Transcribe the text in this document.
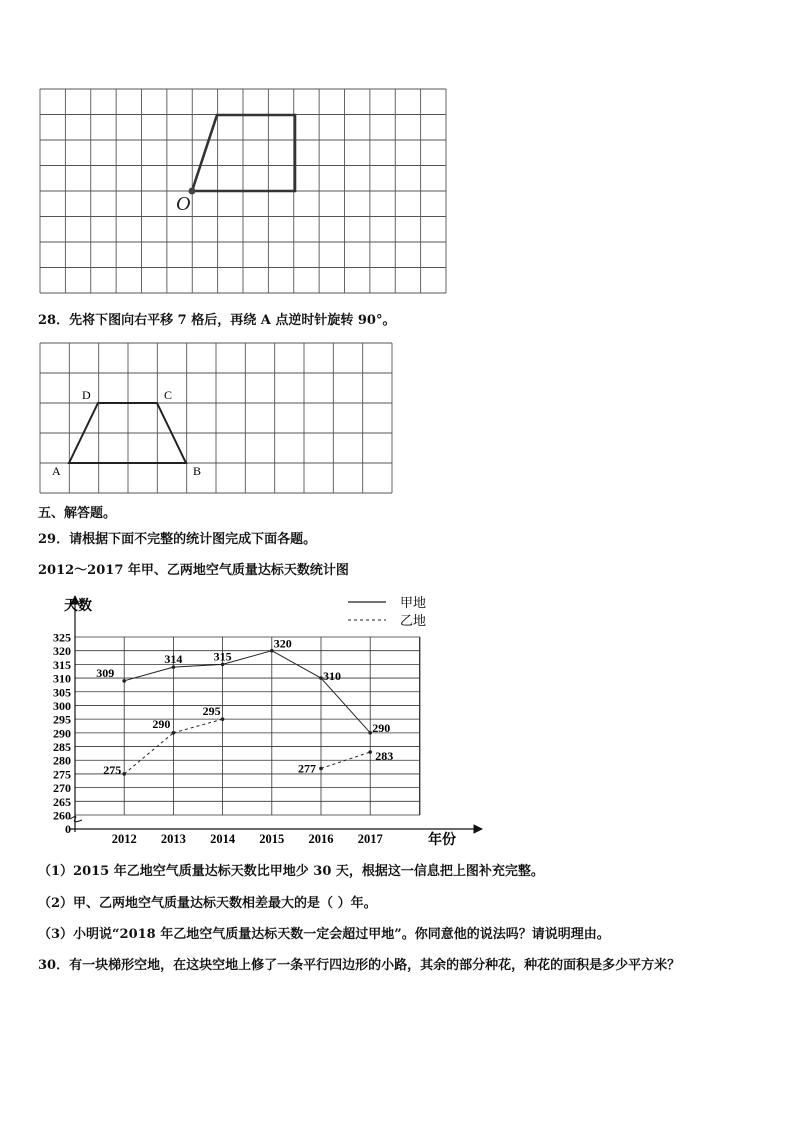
O
28．先将下图向右平移 7 格后，再绕 A 点逆时针旋转 90°。
D	C
A	B
五、解答题。
29．请根据下面不完整的统计图完成下面各题。
2012～2017 年甲、乙两地空气质量达标天数统计图
天数
年份
甲地
乙地
0
260
265
270
275
280
285
290
295
300
305
310
315
320
325
2012 2013 2014 2015 2016 2017
309
314	315
320
310
290
275
290
295
277
283
（1）2015 年乙地空气质量达标天数比甲地少 30 天，根据这一信息把上图补充完整。
（2）甲、乙两地空气质量达标天数相差最大的是（ ）年。
（3）小明说“2018 年乙地空气质量达标天数一定会超过甲地”。你同意他的说法吗？请说明理由。
30．有一块梯形空地，在这块空地上修了一条平行四边形的小路，其余的部分种花，种花的面积是多少平方米？
